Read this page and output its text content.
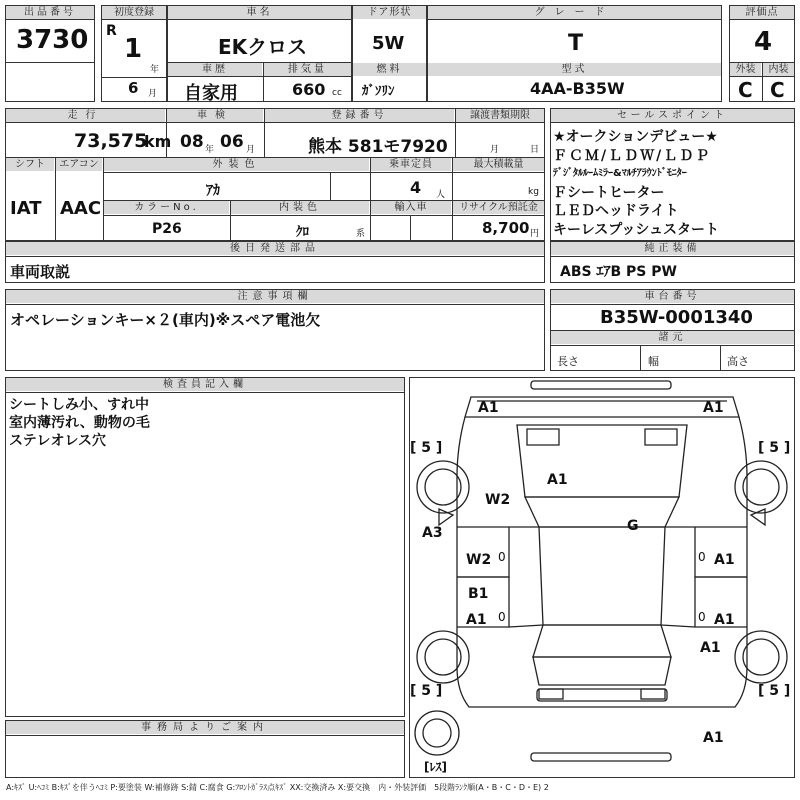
出品番号
3730
初度登録
R
1
年
6 月
車名
EKクロス
車歴	排気量
自家用	660 cc
ドア形状
5W
燃料
ｶﾞｿﾘﾝ
グレード
T
型式
4AA-B35W
評価点
4
外装	内装
C C
走行	車検	登録番号	譲渡書類期限
73,575
km 08 年 06 月	熊本 581モ7920	月	日
シフト	エアコン	外装色	乗車定員	最大積載量
IAT AAC
ｱｶ	4 人	kg
カラーNo.	内装色	輸入車	リサイクル預託金
P26	ｸﾛ	系	8,700 円
後日発送部品
車両取説
注意事項欄
オペレーションキー×２(車内)※スペア電池欠
セールスポイント
★オークションデビュー★
ＦＣＭ/ＬＤＷ/ＬＤＰ
ﾃﾞｼﾞﾀﾙﾙｰﾑﾐﾗｰ&ﾏﾙﾁｱﾗｳﾝﾄﾞﾓﾆﾀｰ
Ｆシートヒーター
ＬＥＤヘッドライト
キーレスプッシュスタート
純正装備
ABS ｴｱB PS PW
車台番号
B35W-0001340
諸元
長さ	幅	高さ
検査員記入欄
シートしみ小、すれ中
室内薄汚れ、動物の毛
ステレオレス穴
事務局よりご案内
A1	A1
[ 5 ]	[ 5 ]
A1
W2
G
A3
W2 0	A1
0
B1
A1 0	A1
0
A1
[ 5 ]	[ 5 ]
A1
[ﾚｽ]
A:ｷｽﾞ U:ﾍｺﾐ B:ｷｽﾞを伴うﾍｺﾐ P:要塗装 W:補修跡 S:錆 C:腐食 G:ﾌﾛﾝﾄｶﾞﾗｽ点ｷｽﾞ XX:交換済み X:要交換　内・外装評価　5段階ﾗﾝｸ順(A・B・C・D・E) 2
